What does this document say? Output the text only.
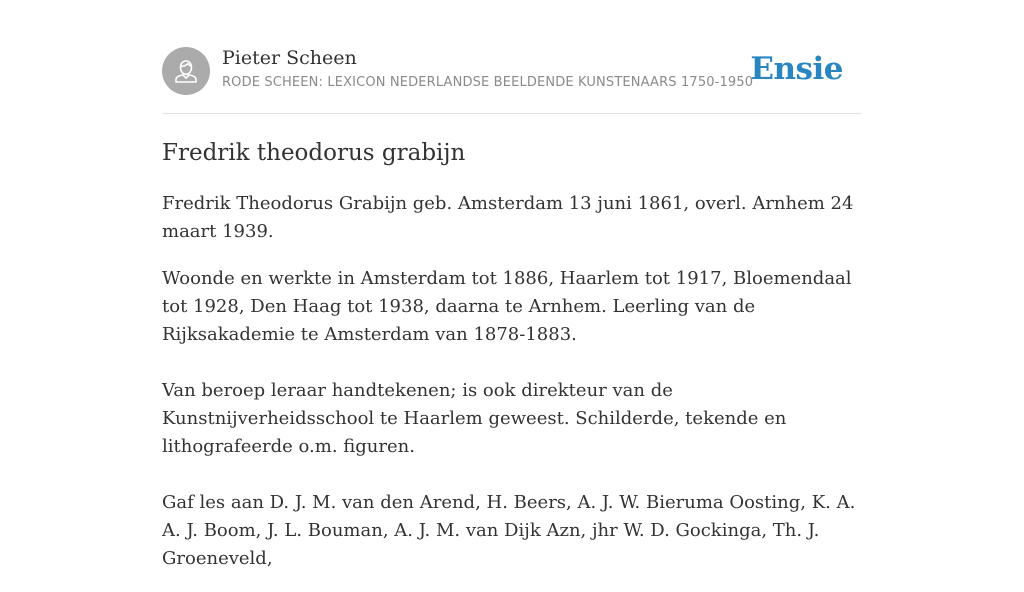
Pieter Scheen
RODE SCHEEN: LEXICON NEDERLANDSE BEELDENDE KUNSTENAARS 1750-1950
Ensie
Fredrik theodorus grabijn

Fredrik Theodorus Grabijn geb. Amsterdam 13 juni 1861, overl. Arnhem 24 maart 1939.

Woonde en werkte in Amsterdam tot 1886, Haarlem tot 1917, Bloemendaal tot 1928, Den Haag tot 1938, daarna te Arnhem. Leerling van de Rijksakademie te Amsterdam van 1878-1883.

Van beroep leraar handtekenen; is ook direkteur van de Kunstnijverheidsschool te Haarlem geweest. Schilderde, tekende en lithografeerde o.m. figuren.

Gaf les aan D. J. M. van den Arend, H. Beers, A. J. W. Bieruma Oosting, K. A. A. J. Boom, J. L. Bouman, A. J. M. van Dijk Azn, jhr W. D. Gockinga, Th. J. Groeneveld,
